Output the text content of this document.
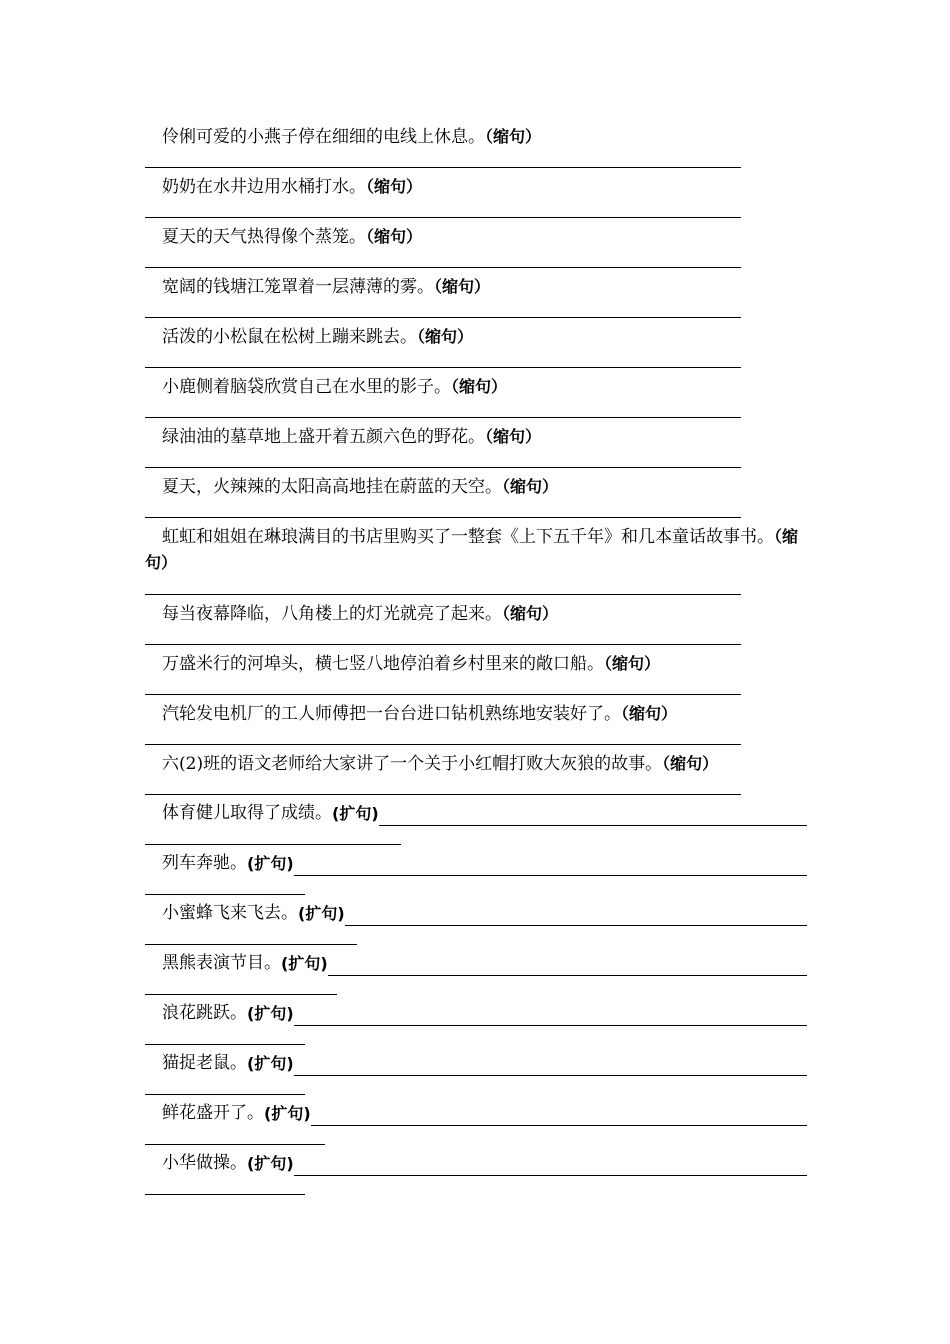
伶俐可爱的小燕子停在细细的电线上休息。（缩句）
奶奶在水井边用水桶打水。（缩句）
夏天的天气热得像个蒸笼。（缩句）
宽阔的钱塘江笼罩着一层薄薄的雾。（缩句）
活泼的小松鼠在松树上蹦来跳去。（缩句）
小鹿侧着脑袋欣赏自己在水里的影子。（缩句）
绿油油的墓草地上盛开着五颜六色的野花。（缩句）
夏天，火辣辣的太阳高高地挂在蔚蓝的天空。（缩句）
虹虹和姐姐在琳琅满目的书店里购买了一整套《上下五千年》和几本童话故事书。（缩句）
每当夜幕降临，八角楼上的灯光就亮了起来。（缩句）
万盛米行的河埠头，横七竖八地停泊着乡村里来的敞口船。（缩句）
汽轮发电机厂的工人师傅把一台台进口钻机熟练地安装好了。（缩句）
六(2)班的语文老师给大家讲了一个关于小红帽打败大灰狼的故事。（缩句）
体育健儿取得了成绩。 (扩句)
列车奔驰。 (扩句)
小蜜蜂飞来飞去。 (扩句)
黑熊表演节目。 (扩句)
浪花跳跃。 (扩句)
猫捉老鼠。 (扩句)
鲜花盛开了。 (扩句)
小华做操。 (扩句)
